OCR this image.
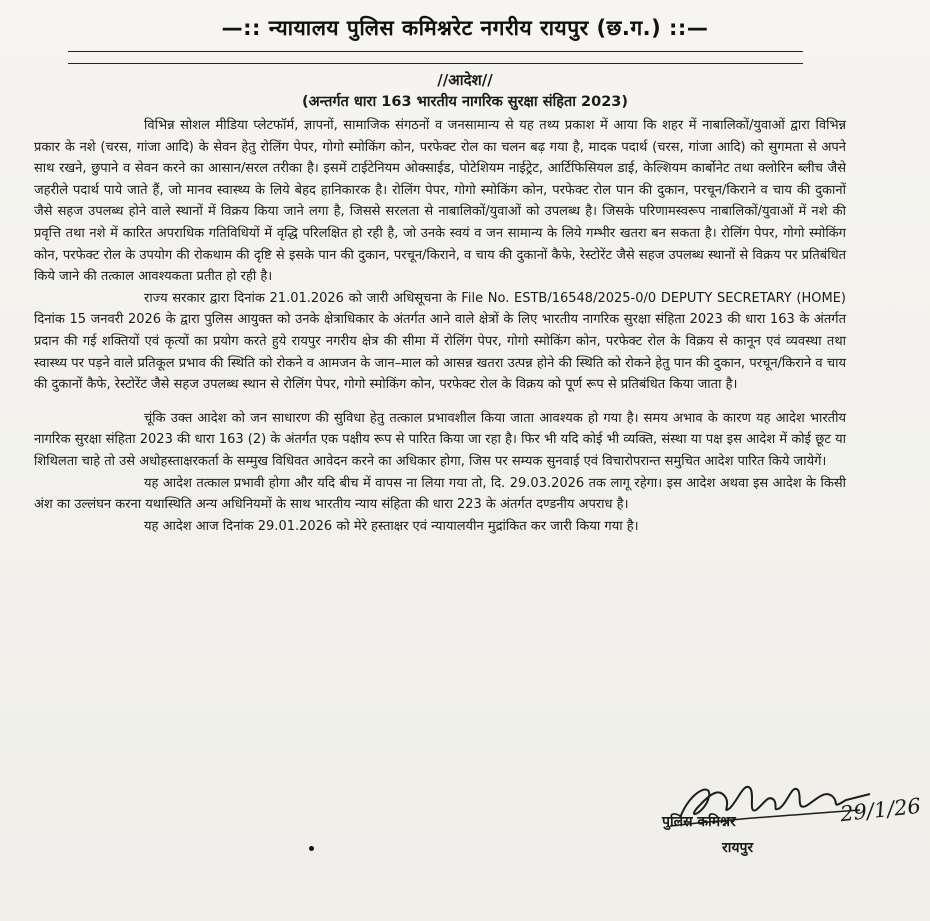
—:: न्यायालय पुलिस कमिश्नरेट नगरीय रायपुर (छ.ग.) ::—
//आदेश//
(अन्तर्गत धारा 163 भारतीय नागरिक सुरक्षा संहिता 2023)

विभिन्न सोशल मीडिया प्लेटफॉर्म, ज्ञापनों, सामाजिक संगठनों व जनसामान्य से यह तथ्य प्रकाश में आया कि शहर में नाबालिकों/युवाओं द्वारा विभिन्न प्रकार के नशे (चरस, गांजा आदि) के सेवन हेतु रोलिंग पेपर, गोगो स्मोकिंग कोन, परफेक्ट रोल का चलन बढ़ गया है, मादक पदार्थ (चरस, गांजा आदि) को सुगमता से अपने साथ रखने, छुपाने व सेवन करने का आसान/सरल तरीका है। इसमें टाईटेनियम ओक्साईड, पोटेशियम नाईट्रेट, आर्टिफिसियल डाई, केल्शियम कार्बोनेट तथा क्लोरिन ब्लीच जैसे जहरीले पदार्थ पाये जाते हैं, जो मानव स्वास्थ्य के लिये बेहद हानिकारक है। रोलिंग पेपर, गोगो स्मोकिंग कोन, परफेक्ट रोल पान की दुकान, परचून/किराने व चाय की दुकानों जैसे सहज उपलब्ध होने वाले स्थानों में विक्रय किया जाने लगा है, जिससे सरलता से नाबालिकों/युवाओं को उपलब्ध है। जिसके परिणामस्वरूप नाबालिकों/युवाओं में नशे की प्रवृत्ति तथा नशे में कारित अपराधिक गतिविधियों में वृद्धि परिलक्षित हो रही है, जो उनके स्वयं व जन सामान्य के लिये गम्भीर खतरा बन सकता है। रोलिंग पेपर, गोगो स्मोकिंग कोन, परफेक्ट रोल के उपयोग की रोकथाम की दृष्टि से इसके पान की दुकान, परचून/किराने, व चाय की दुकानों कैफे, रेस्टोरेंट जैसे सहज उपलब्ध स्थानों से विक्रय पर प्रतिबंधित किये जाने की तत्काल आवश्यकता प्रतीत हो रही है।

राज्य सरकार द्वारा दिनांक 21.01.2026 को जारी अधिसूचना के File No. ESTB/16548/2025-0/0 DEPUTY SECRETARY (HOME) दिनांक 15 जनवरी 2026 के द्वारा पुलिस आयुक्त को उनके क्षेत्राधिकार के अंतर्गत आने वाले क्षेत्रों के लिए भारतीय नागरिक सुरक्षा संहिता 2023 की धारा 163 के अंतर्गत प्रदान की गई शक्तियों एवं कृत्यों का प्रयोग करते हुये रायपुर नगरीय क्षेत्र की सीमा में रोलिंग पेपर, गोगो स्मोकिंग कोन, परफेक्ट रोल के विक्रय से कानून एवं व्यवस्था तथा स्वास्थ्य पर पड़ने वाले प्रतिकूल प्रभाव की स्थिति को रोकने व आमजन के जान–माल को आसन्न खतरा उत्पन्न होने की स्थिति को रोकने हेतु पान की दुकान, परचून/किराने व चाय की दुकानों कैफे, रेस्टोरेंट जैसे सहज उपलब्ध स्थान से रोलिंग पेपर, गोगो स्मोकिंग कोन, परफेक्ट रोल के विक्रय को पूर्ण रूप से प्रतिबंधित किया जाता है।

चूंकि उक्त आदेश को जन साधारण की सुविधा हेतु तत्काल प्रभावशील किया जाता आवश्यक हो गया है। समय अभाव के कारण यह आदेश भारतीय नागरिक सुरक्षा संहिता 2023 की धारा 163 (2) के अंतर्गत एक पक्षीय रूप से पारित किया जा रहा है। फिर भी यदि कोई भी व्यक्ति, संस्था या पक्ष इस आदेश में कोई छूट या शिथिलता चाहे तो उसे अधोहस्ताक्षरकर्ता के सम्मुख विधिवत आवेदन करने का अधिकार होगा, जिस पर सम्यक सुनवाई एवं विचारोपरान्त समुचित आदेश पारित किये जायेगें।

यह आदेश तत्काल प्रभावी होगा और यदि बीच में वापस ना लिया गया तो, दि. 29.03.2026 तक लागू रहेगा। इस आदेश अथवा इस आदेश के किसी अंश का उल्लंघन करना यथास्थिति अन्य अधिनियमों के साथ भारतीय न्याय संहिता की धारा 223 के अंतर्गत दण्डनीय अपराध है।

यह आदेश आज दिनांक 29.01.2026 को मेरे हस्ताक्षर एवं न्यायालयीन मुद्रांकित कर जारी किया गया है।

29/1/26
पुलिस कमिश्नर
रायपुर
